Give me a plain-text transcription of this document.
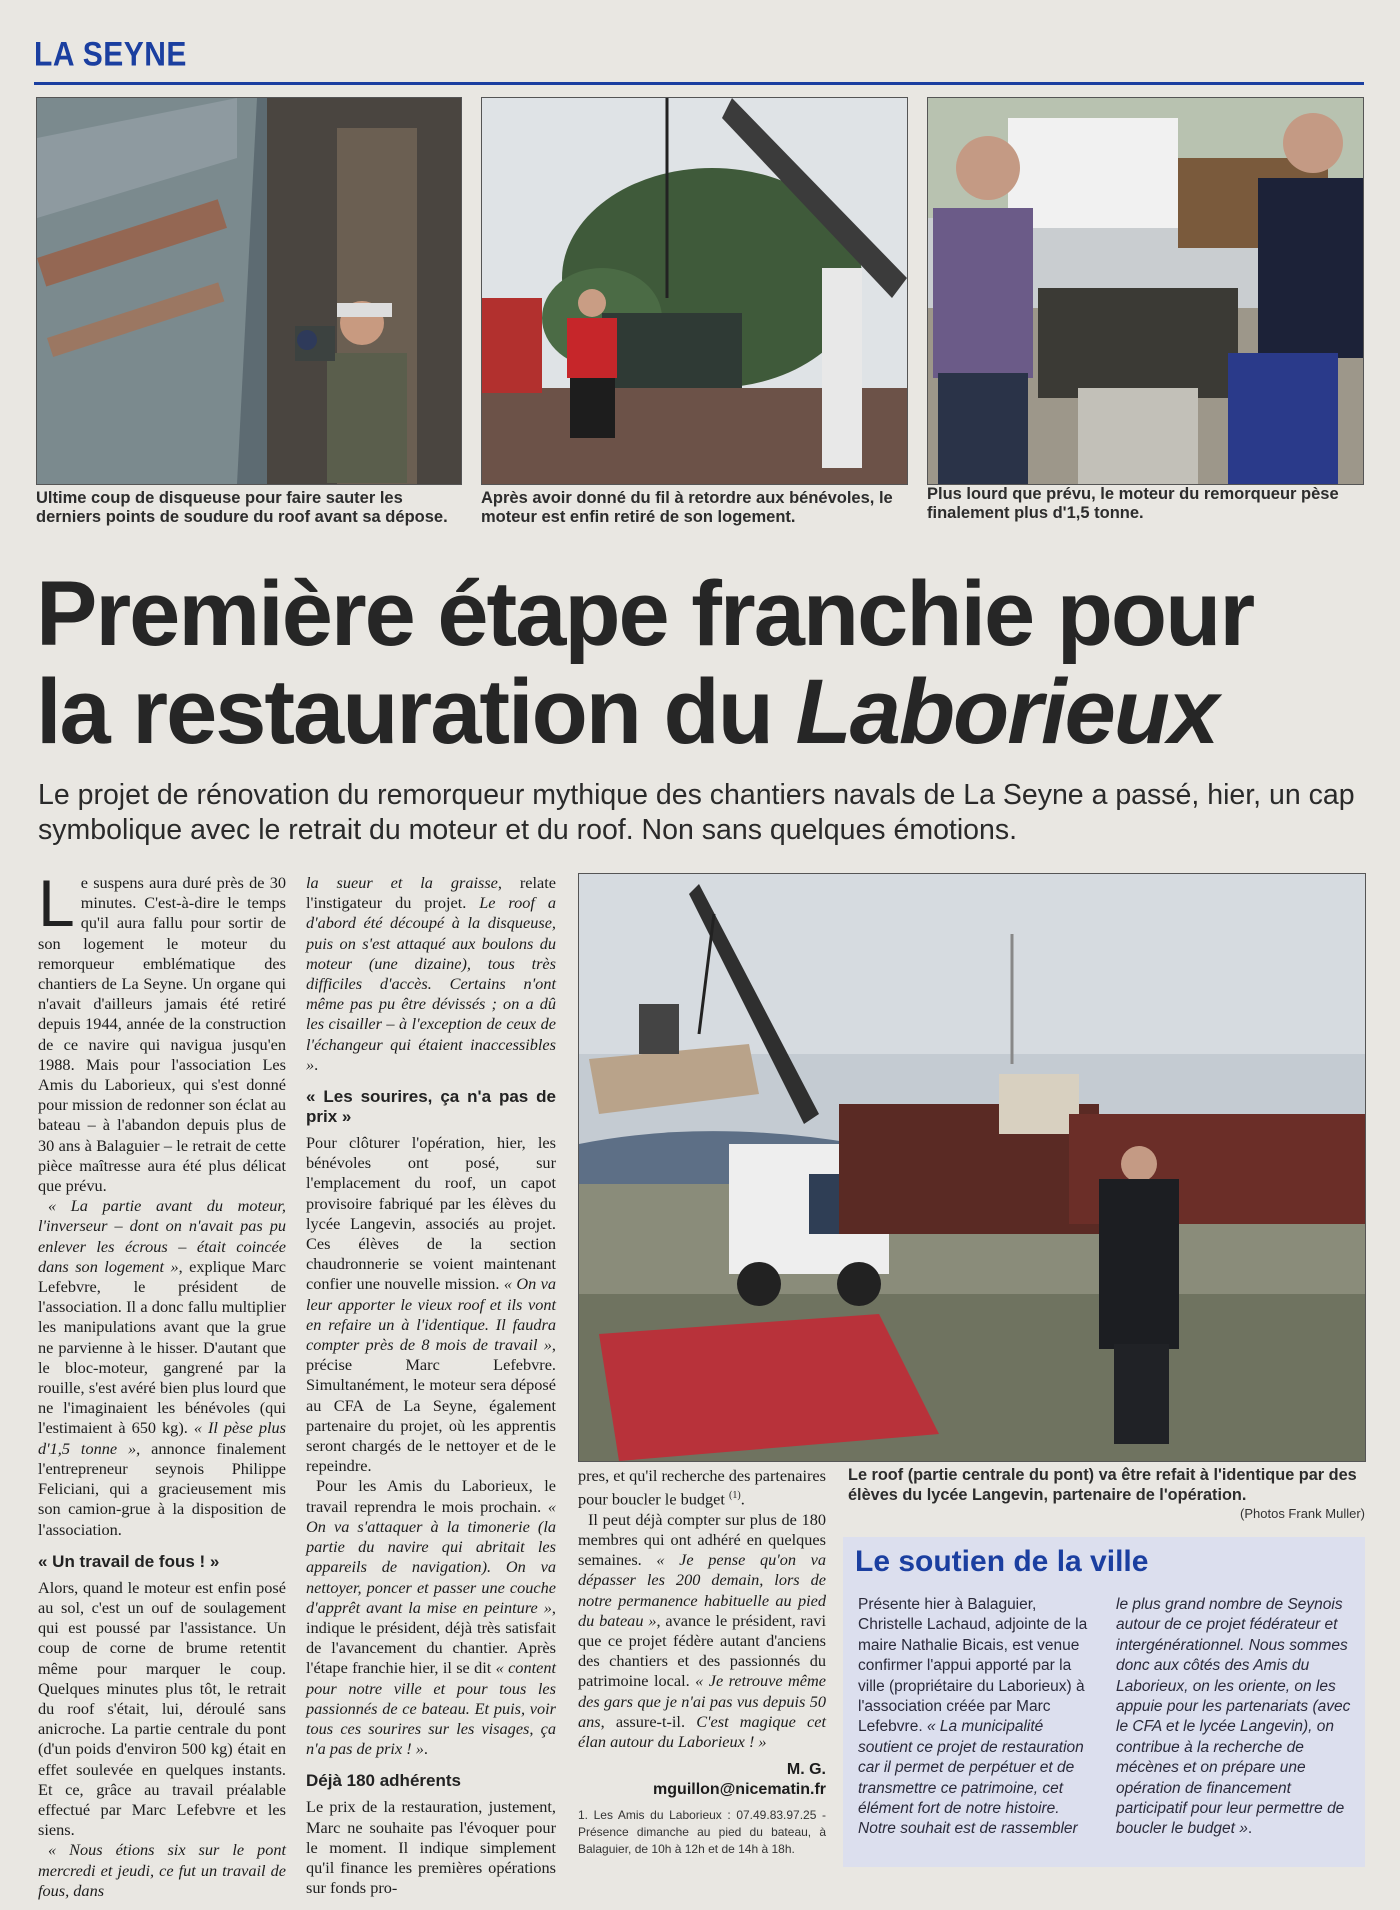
LA SEYNE
Ultime coup de disqueuse pour faire sauter les derniers points de soudure du roof avant sa dépose.
Après avoir donné du fil à retordre aux bénévoles, le moteur est enfin retiré de son logement.
Plus lourd que prévu, le moteur du remorqueur pèse finalement plus d'1,5 tonne.
Première étape franchie pour
la restauration du Laborieux
Le projet de rénovation du remorqueur mythique des chantiers navals de La Seyne a passé, hier, un cap symbolique avec le retrait du moteur et du roof. Non sans quelques émotions.

Le suspens aura duré près de 30 minutes. C'est-à-dire le temps qu'il aura fallu pour sortir de son logement le moteur du remorqueur emblématique des chantiers de La Seyne. Un organe qui n'avait d'ailleurs jamais été retiré depuis 1944, année de la construction de ce navire qui navigua jusqu'en 1988. Mais pour l'association Les Amis du Laborieux, qui s'est donné pour mission de redonner son éclat au bateau – à l'abandon depuis plus de 30 ans à Balaguier – le retrait de cette pièce maîtresse aura été plus délicat que prévu.

« La partie avant du moteur, l'inverseur – dont on n'avait pas pu enlever les écrous – était coincée dans son logement », explique Marc Lefebvre, le président de l'association. Il a donc fallu multiplier les manipulations avant que la grue ne parvienne à le hisser. D'autant que le bloc-moteur, gangrené par la rouille, s'est avéré bien plus lourd que ne l'imaginaient les bénévoles (qui l'estimaient à 650 kg). « Il pèse plus d'1,5 tonne », annonce finalement l'entrepreneur seynois Philippe Feliciani, qui a gracieusement mis son camion-grue à la disposition de l'association.

« Un travail de fous ! »

Alors, quand le moteur est enfin posé au sol, c'est un ouf de soulagement qui est poussé par l'assistance. Un coup de corne de brume retentit même pour marquer le coup. Quelques minutes plus tôt, le retrait du roof s'était, lui, déroulé sans anicroche. La partie centrale du pont (d'un poids d'environ 500 kg) était en effet soulevée en quelques instants. Et ce, grâce au travail préalable effectué par Marc Lefebvre et les siens.

« Nous étions six sur le pont mercredi et jeudi, ce fut un travail de fous, dans

la sueur et la graisse, relate l'instigateur du projet. Le roof a d'abord été découpé à la disqueuse, puis on s'est attaqué aux boulons du moteur (une dizaine), tous très difficiles d'accès. Certains n'ont même pas pu être dévissés ; on a dû les cisailler – à l'exception de ceux de l'échangeur qui étaient inaccessibles ».

« Les sourires, ça n'a pas de prix »

Pour clôturer l'opération, hier, les bénévoles ont posé, sur l'emplacement du roof, un capot provisoire fabriqué par les élèves du lycée Langevin, associés au projet. Ces élèves de la section chaudronnerie se voient maintenant confier une nouvelle mission. « On va leur apporter le vieux roof et ils vont en refaire un à l'identique. Il faudra compter près de 8 mois de travail », précise Marc Lefebvre. Simultanément, le moteur sera déposé au CFA de La Seyne, également partenaire du projet, où les apprentis seront chargés de le nettoyer et de le repeindre.

Pour les Amis du Laborieux, le travail reprendra le mois prochain. « On va s'attaquer à la timonerie (la partie du navire qui abritait les appareils de navigation). On va nettoyer, poncer et passer une couche d'apprêt avant la mise en peinture », indique le président, déjà très satisfait de l'avancement du chantier. Après l'étape franchie hier, il se dit « content pour notre ville et pour tous les passionnés de ce bateau. Et puis, voir tous ces sourires sur les visages, ça n'a pas de prix ! ».

Déjà 180 adhérents

Le prix de la restauration, justement, Marc ne souhaite pas l'évoquer pour le moment. Il indique simplement qu'il finance les premières opérations sur fonds pro-

Le roof (partie centrale du pont) va être refait à l'identique par des élèves du lycée Langevin, partenaire de l'opération.
(Photos Frank Muller)

pres, et qu'il recherche des partenaires pour boucler le budget $^{(1)}$.

Il peut déjà compter sur plus de 180 membres qui ont adhéré en quelques semaines. « Je pense qu'on va dépasser les 200 demain, lors de notre permanence habituelle au pied du bateau », avance le président, ravi que ce projet fédère autant d'anciens des chantiers et des passionnés du patrimoine local. « Je retrouve même des gars que je n'ai pas vus depuis 50 ans, assure-t-il. C'est magique cet élan autour du Laborieux ! »

M. G.
mguillon@nicematin.fr
1. Les Amis du Laborieux : 07.49.83.97.25 - Présence dimanche au pied du bateau, à Balaguier, de 10h à 12h et de 14h à 18h.
Le soutien de la ville
Présente hier à Balaguier, Christelle Lachaud, adjointe de la maire Nathalie Bicais, est venue confirmer l'appui apporté par la ville (propriétaire du Laborieux) à l'association créée par Marc Lefebvre. « La municipalité soutient ce projet de restauration car il permet de perpétuer et de transmettre ce patrimoine, cet élément fort de notre histoire. Notre souhait est de rassembler
le plus grand nombre de Seynois autour de ce projet fédérateur et intergénérationnel. Nous sommes donc aux côtés des Amis du Laborieux, on les oriente, on les appuie pour les partenariats (avec le CFA et le lycée Langevin), on contribue à la recherche de mécènes et on prépare une opération de financement participatif pour leur permettre de boucler le budget ».
